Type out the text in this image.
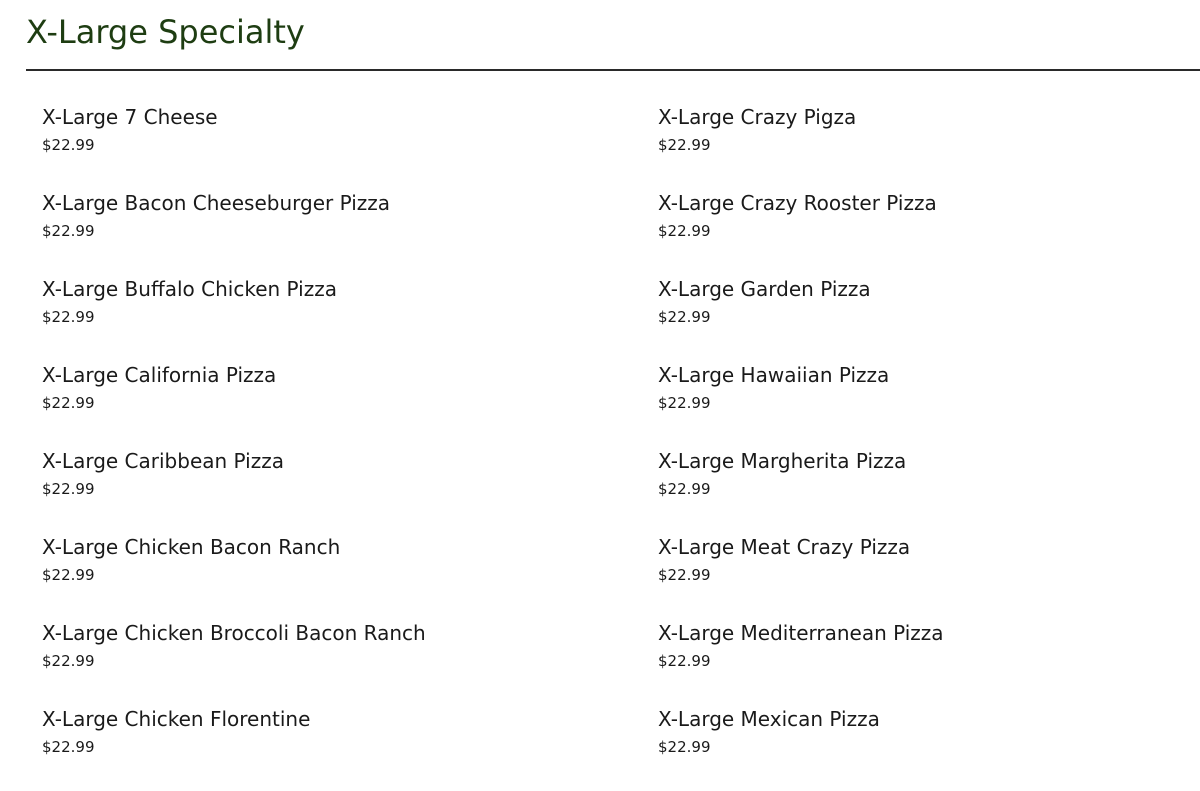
X-Large Specialty
X-Large 7 Cheese
$22.99
X-Large Crazy Pigza
$22.99
X-Large Bacon Cheeseburger Pizza
$22.99
X-Large Crazy Rooster Pizza
$22.99
X-Large Buffalo Chicken Pizza
$22.99
X-Large Garden Pizza
$22.99
X-Large California Pizza
$22.99
X-Large Hawaiian Pizza
$22.99
X-Large Caribbean Pizza
$22.99
X-Large Margherita Pizza
$22.99
X-Large Chicken Bacon Ranch
$22.99
X-Large Meat Crazy Pizza
$22.99
X-Large Chicken Broccoli Bacon Ranch
$22.99
X-Large Mediterranean Pizza
$22.99
X-Large Chicken Florentine
$22.99
X-Large Mexican Pizza
$22.99
